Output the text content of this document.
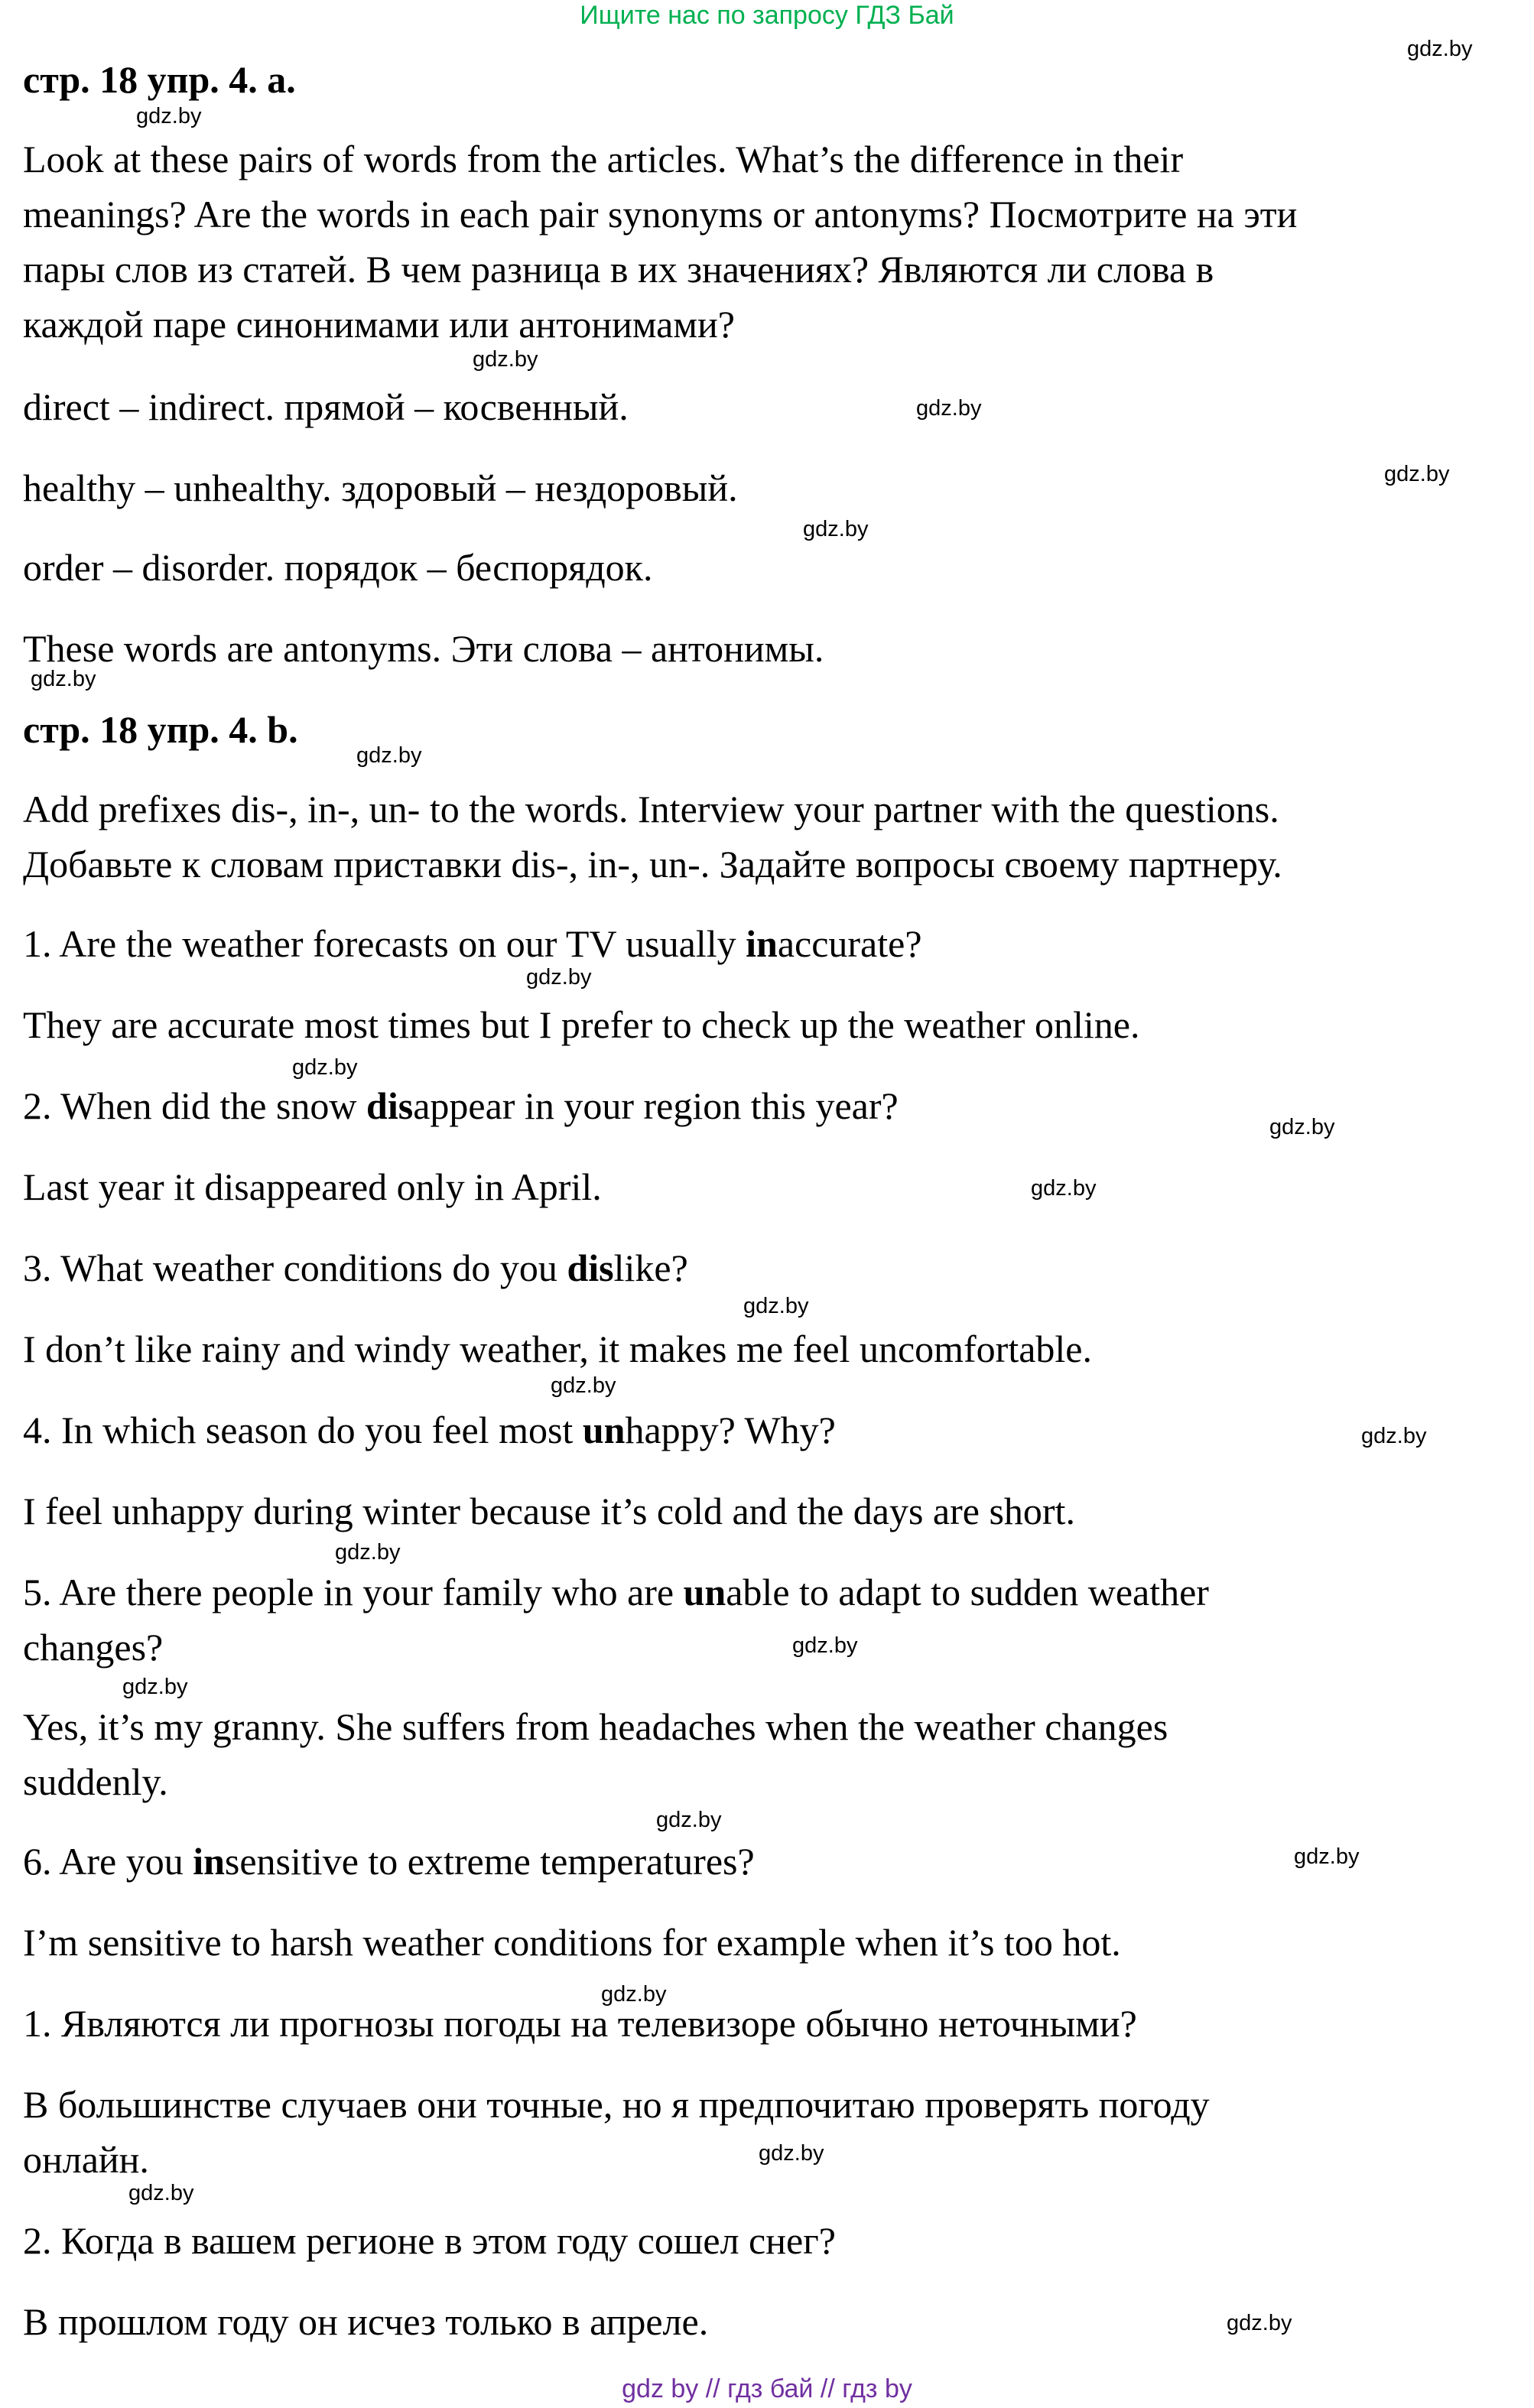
Ищите нас по запросу ГДЗ Бай
стр. 18 упр. 4. а.
Look at these pairs of words from the articles. What’s the difference in their
meanings? Are the words in each pair synonyms or antonyms? Посмотрите на эти
пары слов из статей. В чем разница в их значениях? Являются ли слова в
каждой паре синонимами или антонимами?
direct – indirect. прямой – косвенный.
healthy – unhealthy. здоровый – нездоровый.
order – disorder. порядок – беспорядок.
These words are antonyms. Эти слова – антонимы.
стр. 18 упр. 4. b.
Add prefixes dis-, in-, un- to the words. Interview your partner with the questions.
Добавьте к словам приставки dis-, in-, un-. Задайте вопросы своему партнеру.
1. Are the weather forecasts on our TV usually inaccurate?
They are accurate most times but I prefer to check up the weather online.
2. When did the snow disappear in your region this year?
Last year it disappeared only in April.
3. What weather conditions do you dislike?
I don’t like rainy and windy weather, it makes me feel uncomfortable.
4. In which season do you feel most unhappy? Why?
I feel unhappy during winter because it’s cold and the days are short.
5. Are there people in your family who are unable to adapt to sudden weather
changes?
Yes, it’s my granny. She suffers from headaches when the weather changes
suddenly.
6. Are you insensitive to extreme temperatures?
I’m sensitive to harsh weather conditions for example when it’s too hot.
1. Являются ли прогнозы погоды на телевизоре обычно неточными?
В большинстве случаев они точные, но я предпочитаю проверять погоду
онлайн.
2. Когда в вашем регионе в этом году сошел снег?
В прошлом году он исчез только в апреле.
gdz.by
gdz.by
gdz.by
gdz.by
gdz.by
gdz.by
gdz.by
gdz.by
gdz.by
gdz.by
gdz.by
gdz.by
gdz.by
gdz.by
gdz.by
gdz.by
gdz.by
gdz.by
gdz.by
gdz.by
gdz.by
gdz.by
gdz.by
gdz.by
gdz by // гдз бай // гдз by
